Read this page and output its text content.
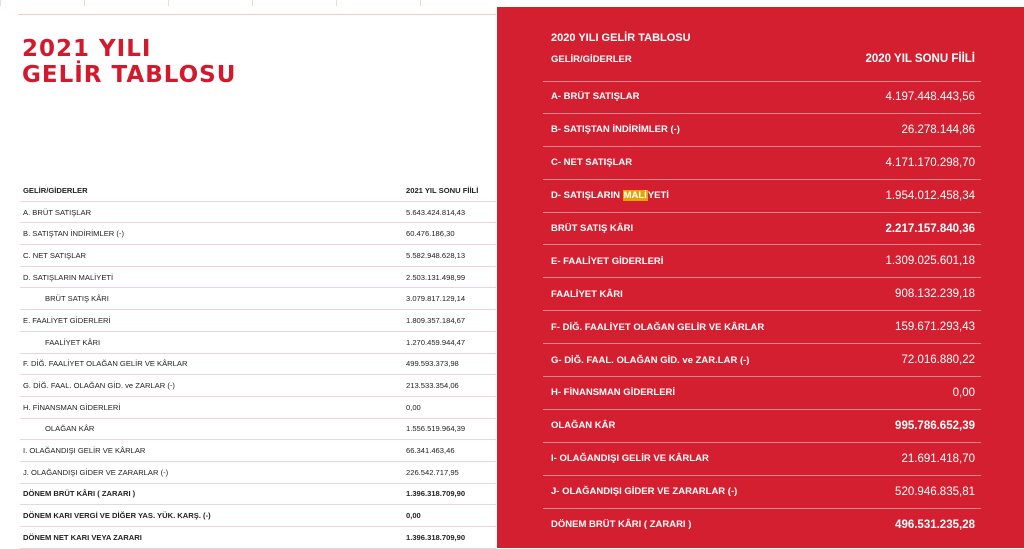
2021 YILI
GELİR TABLOSU
GELİR/GİDERLER	2021 YIL SONU FİİLİ
A. BRÜT SATIŞLAR	5.643.424.814,43
B. SATIŞTAN İNDİRİMLER (-)	60.476.186,30
C. NET SATIŞLAR	5.582.948.628,13
D. SATIŞLARIN MALİYETİ	2.503.131.498,99
BRÜT SATIŞ KÂRI	3.079.817.129,14
E. FAALİYET GİDERLERİ	1.809.357.184,67
FAALİYET KÂRI	1.270.459.944,47
F. DİĞ. FAALİYET OLAĞAN GELİR VE KÂRLAR	499.593.373,98
G. DİĞ. FAAL. OLAĞAN GİD. ve ZARLAR (-)	213.533.354,06
H. FİNANSMAN GİDERLERİ	0,00
OLAĞAN KÂR	1.556.519.964,39
I. OLAĞANDIŞI GELİR VE KÂRLAR	66.341.463,46
J. OLAĞANDIŞI GİDER VE ZARARLAR (-)	226.542.717,95
DÖNEM BRÜT KÂRI ( ZARARI )	1.396.318.709,90
DÖNEM KARI VERGİ VE DİĞER YAS. YÜK. KARŞ. (-)	0,00
DÖNEM NET KARI VEYA ZARARI	1.396.318.709,90
2020 YILI GELİR TABLOSU
GELİR/GİDERLER	2020 YIL SONU FİİLİ
A- BRÜT SATIŞLAR	4.197.448.443,56
B- SATIŞTAN İNDİRİMLER (-)	26.278.144,86
C- NET SATIŞLAR	4.171.170.298,70
D- SATIŞLARIN MALİYETİ	1.954.012.458,34
BRÜT SATIŞ KÂRI	2.217.157.840,36
E- FAALİYET GİDERLERİ	1.309.025.601,18
FAALİYET KÂRI	908.132.239,18
F- DİĞ. FAALİYET OLAĞAN GELİR VE KÂRLAR	159.671.293,43
G- DİĞ. FAAL. OLAĞAN GİD. ve ZAR.LAR (-)	72.016.880,22
H- FİNANSMAN GİDERLERİ	0,00
OLAĞAN KÂR	995.786.652,39
I- OLAĞANDIŞI GELİR VE KÂRLAR	21.691.418,70
J- OLAĞANDIŞI GİDER VE ZARARLAR (-)	520.946.835,81
DÖNEM BRÜT KÂRI ( ZARARI )	496.531.235,28
